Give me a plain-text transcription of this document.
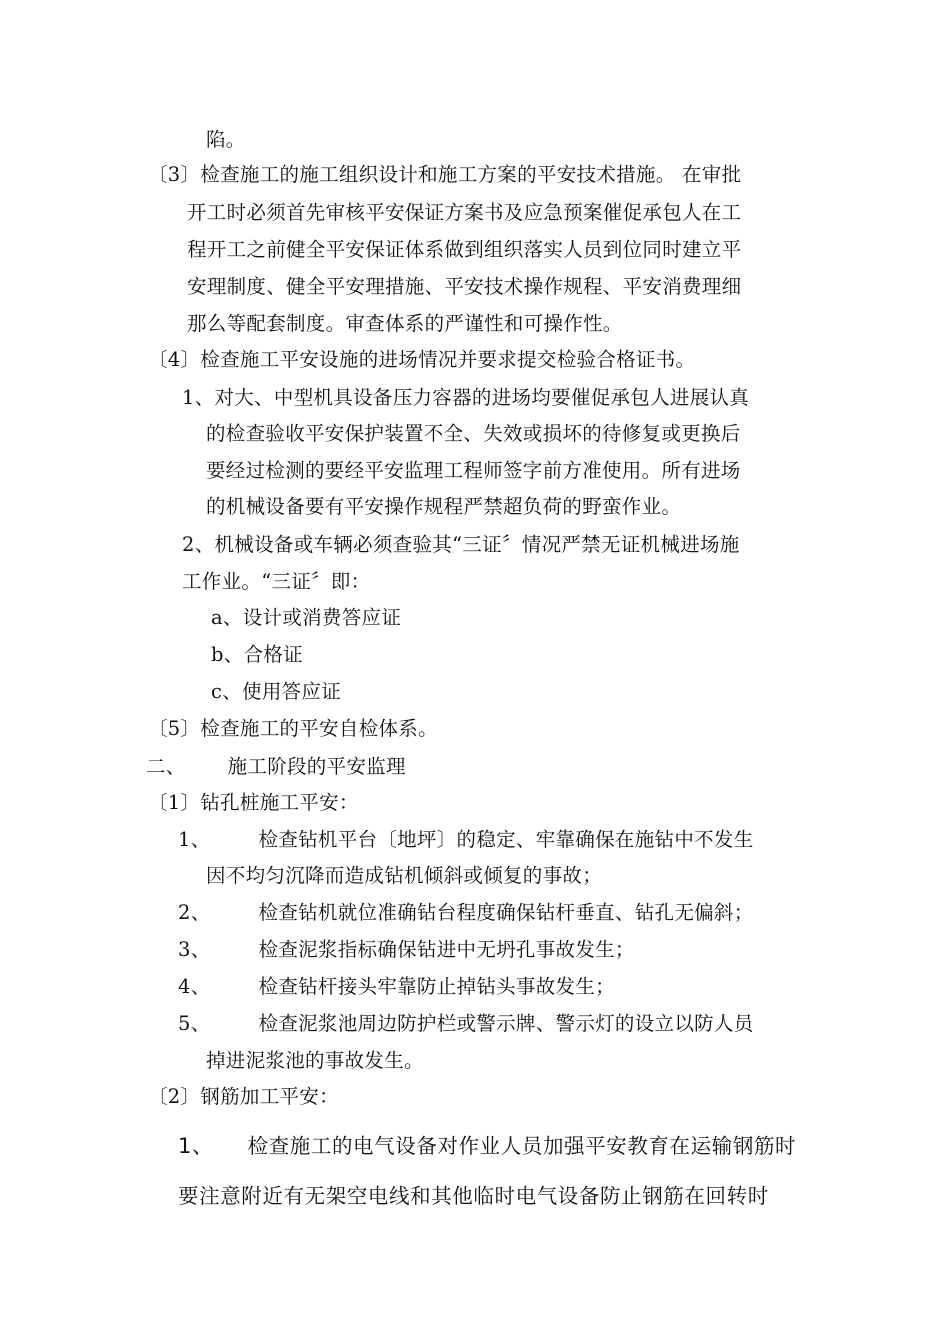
陷。
〔3〕检查施工的施工组织设计和施工方案的平安技术措施。 在审批
开工时必须首先审核平安保证方案书及应急预案催促承包人在工
程开工之前健全平安保证体系做到组织落实人员到位同时建立平
安理制度、健全平安理措施、平安技术操作规程、平安消费理细
那么等配套制度。审查体系的严谨性和可操作性。
〔4〕检查施工平安设施的进场情况并要求提交检验合格证书。
1、对大、中型机具设备压力容器的进场均要催促承包人进展认真
的检查验收平安保护装置不全、失效或损坏的待修复或更换后
要经过检测的要经平安监理工程师签字前方准使用。所有进场
的机械设备要有平安操作规程严禁超负荷的野蛮作业。
2、机械设备或车辆必须查验其“三证〞情况严禁无证机械进场施
工作业。“三证〞即：
a、设计或消费答应证
b、合格证
c、使用答应证
〔5〕检查施工的平安自检体系。
二、 施工阶段的平安监理
〔1〕钻孔桩施工平安：
1、 检查钻机平台〔地坪〕的稳定、牢靠确保在施钻中不发生
因不均匀沉降而造成钻机倾斜或倾复的事故；
2、 检查钻机就位准确钻台程度确保钻杆垂直、钻孔无偏斜；
3、 检查泥浆指标确保钻进中无坍孔事故发生；
4、 检查钻杆接头牢靠防止掉钻头事故发生；
5、 检查泥浆池周边防护栏或警示牌、警示灯的设立以防人员
掉进泥浆池的事故发生。
〔2〕钢筋加工平安：
1、 检查施工的电气设备对作业人员加强平安教育在运输钢筋时
要注意附近有无架空电线和其他临时电气设备防止钢筋在回转时
